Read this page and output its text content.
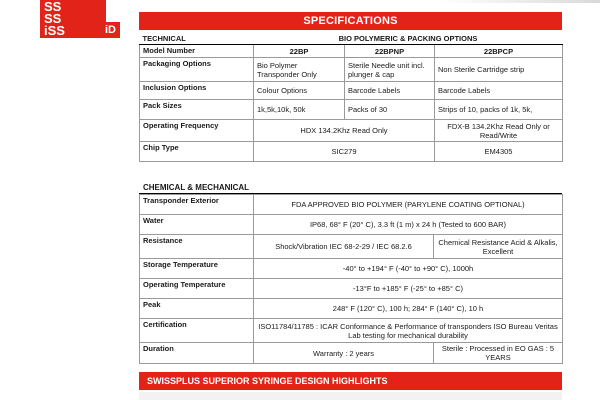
SS
SS
iSS	iD
SPECIFICATIONS
TECHNICAL	BIO POLYMERIC & PACKING OPTIONS		
Model Number	22BP	22BPNP	22BPCP
Packaging Options	Bio Polymer Transponder Only	Sterile Needle unit incl. plunger & cap	Non Sterile Cartridge strip
Inclusion Options	Colour Options	Barcode Labels	Barcode Labels
Pack Sizes	1k,5k,10k, 50k	Packs of 30	Strips of 10, packs of 1k, 5k,
Operating Frequency	HDX 134.2Khz Read Only		FDX-B 134.2Khz Read Only or Read/Write
Chip Type	SIC279		EM4305
CHEMICAL & MECHANICAL
Transponder Exterior	FDA APPROVED BIO POLYMER (PARYLENE COATING OPTIONAL)	
Water	IP68, 68° F (20° C), 3.3 ft (1 m) x 24 h (Tested to 600 BAR)	
Resistance	Shock/Vibration IEC 68-2-29 / IEC 68.2.6	Chemical Resistance Acid & Alkalis, Excellent
Storage Temperature	-40° to +194° F (-40° to +90° C), 1000h	
Operating Temperature	-13°F to +185° F (-25° to +85° C)	
Peak	248° F (120° C), 100 h; 284° F (140° C), 10 h	
Certification	ISO11784/11785 : ICAR Conformance & Performance of transponders ISO Bureau Veritas Lab testing for mechanical durability	
Duration	Warranty : 2 years	Sterile : Processed in EO GAS : 5 YEARS
SWISSPLUS SUPERIOR SYRINGE DESIGN HIGHLIGHTS
